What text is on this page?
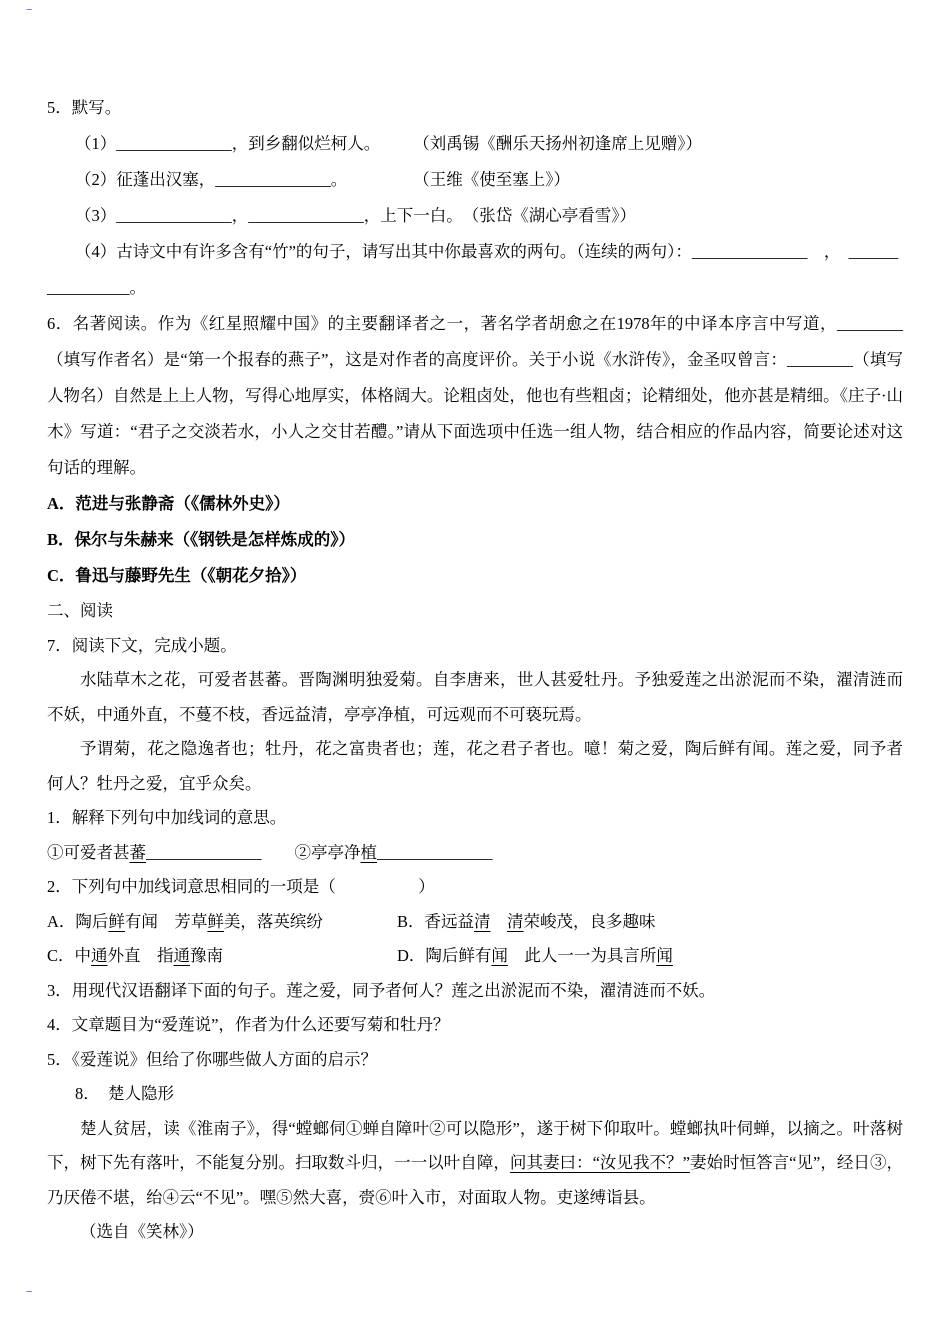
‐‐

5．默写。

（1）______________，到乡翻似烂柯人。　　　（刘禹锡《酬乐天扬州初逢席上见赠》）

（2）征蓬出汉塞，______________。　　　　　（王维《使至塞上》）

（3）______________，______________，上下一白。　（张岱《湖心亭看雪》）

（4）古诗文中有许多含有“竹”的句子，请写出其中你最喜欢的两句。（连续的两句）：______________　，　______

__________。

6．名著阅读。作为《红星照耀中国》的主要翻译者之一，著名学者胡愈之在1978年的中译本序言中写道，________（填写作者名）是“第一个报春的燕子”，这是对作者的高度评价。关于小说《水浒传》，金圣叹曾言：________（填写人物名）自然是上上人物，写得心地厚实，体格阔大。论粗卤处，他也有些粗卤；论精细处，他亦甚是精细。《庄子·山木》写道：“君子之交淡若水，小人之交甘若醴。”请从下面选项中任选一组人物，结合相应的作品内容，简要论述对这句话的理解。

A．范进与张静斋（《儒林外史》）

B．保尔与朱赫来（《钢铁是怎样炼成的》）

C．鲁迅与藤野先生（《朝花夕拾》）

二、阅读

7．阅读下文，完成小题。

水陆草木之花，可爱者甚蕃。晋陶渊明独爱菊。自李唐来，世人甚爱牡丹。予独爱莲之出淤泥而不染，濯清涟而不妖，中通外直，不蔓不枝，香远益清，亭亭净植，可远观而不可亵玩焉。

予谓菊，花之隐逸者也；牡丹，花之富贵者也；莲，花之君子者也。噫！菊之爱，陶后鲜有闻。莲之爱，同予者何人？牡丹之爱，宜乎众矣。

1．解释下列句中加线词的意思。

①可爱者甚蕃______________　　②亭亭净植______________

2．下列句中加线词意思相同的一项是（　　　　　）

A．陶后鲜有闻　芳草鲜美，落英缤纷	B．香远益清　 清荣峻茂，良多趣味
C．中通外直　指通豫南	D．陶后鲜有闻　此人一一为具言所闻

3．用现代汉语翻译下面的句子。莲之爱，同予者何人？莲之出淤泥而不染，濯清涟而不妖。

4．文章题目为“爱莲说”，作者为什么还要写菊和牡丹？

5．《爱莲说》但给了你哪些做人方面的启示？

8．　楚人隐形

楚人贫居，读《淮南子》，得“螳螂伺①蝉自障叶②可以隐形”，遂于树下仰取叶。螳螂执叶伺蝉，以摘之。叶落树下，树下先有落叶，不能复分别。扫取数斗归，一一以叶自障，问其妻曰：“汝见我不？”妻始时恒答言“见”，经日③，乃厌倦不堪，绐④云“不见”。嘿⑤然大喜，赍⑥叶入市，对面取人物。吏遂缚诣县。

（选自《笑林》）

‐‐
